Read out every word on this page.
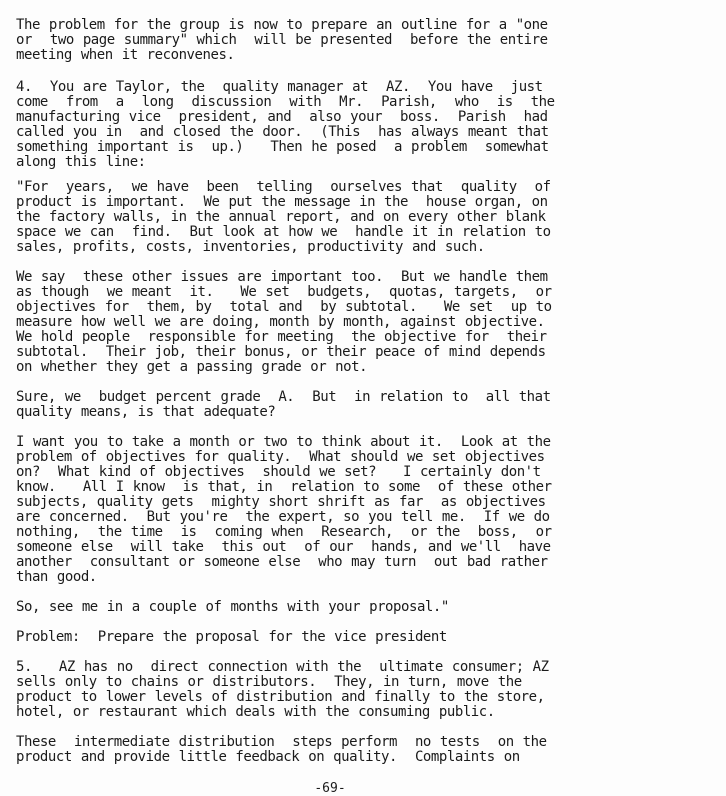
The problem for the group is now to prepare an outline for a "one
or  two page summary" which  will be presented  before the entire
meeting when it reconvenes.

4.  You are Taylor, the  quality manager at  AZ.  You have  just
come  from  a  long  discussion  with  Mr.  Parish,  who  is  the
manufacturing vice  president, and  also your  boss.  Parish  had
called you in  and closed the door.  (This  has always meant that
something important is  up.)   Then he posed  a problem  somewhat
along this line:

"For  years,  we have  been  telling  ourselves that  quality  of
product is important.  We put the message in the  house organ, on
the factory walls, in the annual report, and on every other blank
space we can  find.  But look at how we  handle it in relation to
sales, profits, costs, inventories, productivity and such.

We say  these other issues are important too.  But we handle them
as though  we meant  it.   We set  budgets,  quotas, targets,  or
objectives for  them, by  total and  by subtotal.   We set  up to
measure how well we are doing, month by month, against objective.
We hold people  responsible for meeting  the objective for  their
subtotal.  Their job, their bonus, or their peace of mind depends
on whether they get a passing grade or not.

Sure, we  budget percent grade  A.  But  in relation to  all that
quality means, is that adequate?

I want you to take a month or two to think about it.  Look at the
problem of objectives for quality.  What should we set objectives
on?  What kind of objectives  should we set?   I certainly don't
know.   All I know  is that, in  relation to some  of these other
subjects, quality gets  mighty short shrift as far  as objectives
are concerned.  But you're  the expert, so you tell me.  If we do
nothing,  the time  is  coming when  Research,  or the  boss,  or
someone else  will take  this out  of our  hands, and we'll  have
another  consultant or someone else  who may turn  out bad rather
than good.

So, see me in a couple of months with your proposal."

Problem:  Prepare the proposal for the vice president

5.   AZ has no  direct connection with the  ultimate consumer; AZ
sells only to chains or distributors.  They, in turn, move the
product to lower levels of distribution and finally to the store,
hotel, or restaurant which deals with the consuming public.

These  intermediate distribution  steps perform  no tests  on the
product and provide little feedback on quality.  Complaints on

-69-
